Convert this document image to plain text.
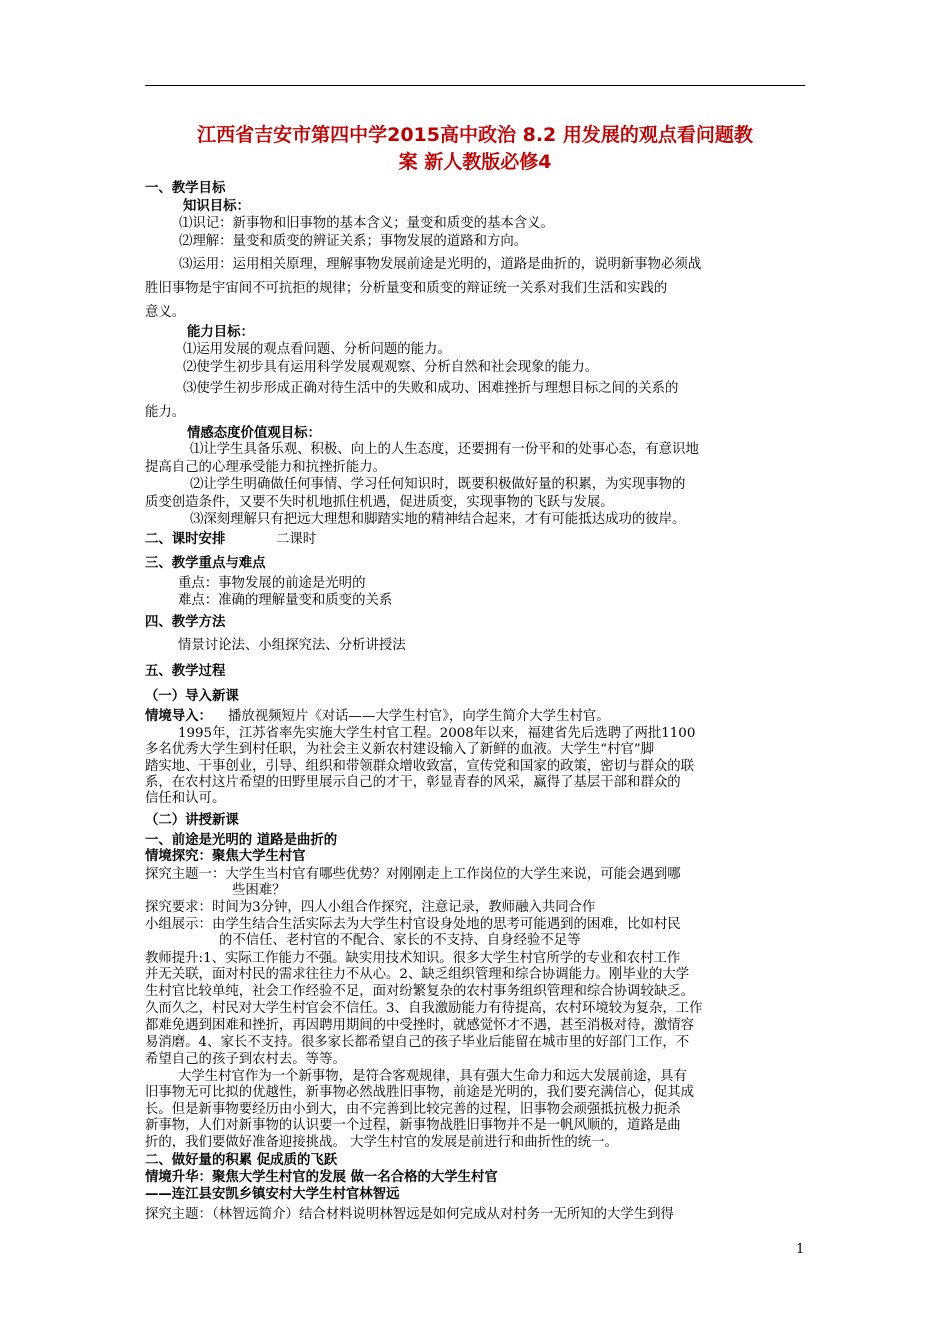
江西省吉安市第四中学2015高中政治 8.2 用发展的观点看问题教
案 新人教版必修4
一、教学目标
知识目标：
⑴识记：新事物和旧事物的基本含义；量变和质变的基本含义。
⑵理解：量变和质变的辨证关系；事物发展的道路和方向。
⑶运用：运用相关原理，理解事物发展前途是光明的，道路是曲折的，说明新事物必须战
胜旧事物是宇宙间不可抗拒的规律；分析量变和质变的辩证统一关系对我们生活和实践的
意义。
能力目标：
⑴运用发展的观点看问题、分析问题的能力。
⑵使学生初步具有运用科学发展观观察、分析自然和社会现象的能力。
⑶使学生初步形成正确对待生活中的失败和成功、困难挫折与理想目标之间的关系的
能力。
情感态度价值观目标：
⑴让学生具备乐观、积极、向上的人生态度，还要拥有一份平和的处事心态，有意识地
提高自己的心理承受能力和抗挫折能力。
⑵让学生明确做任何事情、学习任何知识时，既要积极做好量的积累，为实现事物的
质变创造条件，又要不失时机地抓住机遇，促进质变，实现事物的飞跃与发展。
⑶深刻理解只有把远大理想和脚踏实地的精神结合起来，才有可能抵达成功的彼岸。
二、课时安排	二课时
三、教学重点与难点
重点：事物发展的前途是光明的
难点：准确的理解量变和质变的关系
四、教学方法
情景讨论法、小组探究法、分析讲授法
五、教学过程
（一）导入新课
情境导入： 播放视频短片《对话——大学生村官》，向学生简介大学生村官。
1995年，江苏省率先实施大学生村官工程。2008年以来，福建省先后选聘了两批1100
多名优秀大学生到村任职，为社会主义新农村建设输入了新鲜的血液。大学生“村官”脚
踏实地、干事创业，引导、组织和带领群众增收致富，宣传党和国家的政策，密切与群众的联
系，在农村这片希望的田野里展示自己的才干，彰显青春的风采，赢得了基层干部和群众的
信任和认可。
（二）讲授新课
一、前途是光明的 道路是曲折的
情境探究：聚焦大学生村官
探究主题一：大学生当村官有哪些优势？对刚刚走上工作岗位的大学生来说，可能会遇到哪
些困难？
探究要求：时间为3分钟，四人小组合作探究，注意记录，教师融入共同合作
小组展示：由学生结合生活实际去为大学生村官设身处地的思考可能遇到的困难，比如村民
的不信任、老村官的不配合、家长的不支持、自身经验不足等
教师提升:1、实际工作能力不强。缺实用技术知识。很多大学生村官所学的专业和农村工作
并无关联，面对村民的需求往往力不从心。2、缺乏组织管理和综合协调能力。刚毕业的大学
生村官比较单纯，社会工作经验不足，面对纷繁复杂的农村事务组织管理和综合协调较缺乏。
久而久之，村民对大学生村官会不信任。3、自我激励能力有待提高，农村环境较为复杂，工作
都难免遇到困难和挫折，再因聘用期间的中受挫时，就感觉怀才不遇，甚至消极对待，激情容
易消磨。4、家长不支持。很多家长都希望自己的孩子毕业后能留在城市里的好部门工作，不
希望自己的孩子到农村去。等等。
大学生村官作为一个新事物，是符合客观规律，具有强大生命力和远大发展前途，具有
旧事物无可比拟的优越性，新事物必然战胜旧事物，前途是光明的，我们要充满信心，促其成
长。但是新事物要经历由小到大，由不完善到比较完善的过程，旧事物会顽强抵抗极力扼杀
新事物，人们对新事物的认识要一个过程，新事物战胜旧事物并不是一帆风顺的，道路是曲
折的，我们要做好准备迎接挑战。 大学生村官的发展是前进行和曲折性的统一。
二、做好量的积累 促成质的飞跃
情境升华：聚焦大学生村官的发展 做一名合格的大学生村官
——连江县安凯乡镇安村大学生村官林智远
探究主题：（林智远简介）结合材料说明林智远是如何完成从对村务一无所知的大学生到得
1
